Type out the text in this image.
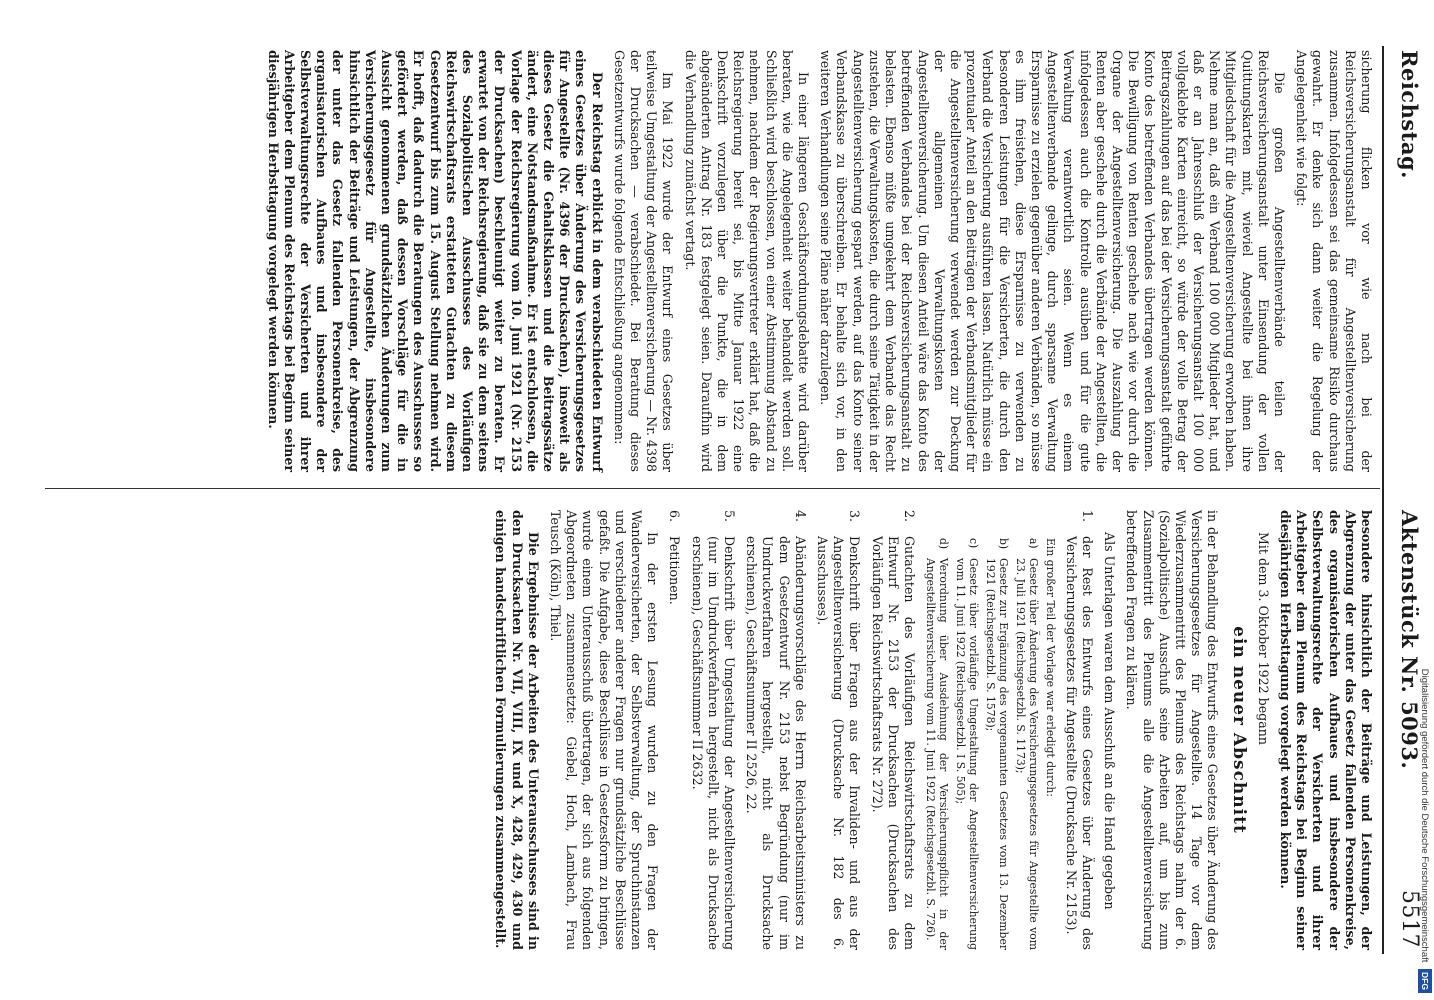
Reichstag.
Aktenstück Nr. 5093.
5517

sicherung flicken vor wie nach bei der Reichsversicherungsanstalt für Angestelltenversicherung zusammen. Infolgedessen sei das gemeinsame Risiko durchaus gewahrt. Er denke sich dann weiter die Regelung der Angelegenheit wie folgt:

Die großen Angestelltenverbände teilen der Reichsversicherungsanstalt unter Einsendung der vollen Quittungskarten mit, wieviel Angestellte bei ihnen ihre Mitgliedschaft für die Angestelltenversicherung erworben haben. Nehme man an, daß ein Verband 100 000 Mitglieder hat, und daß er an Jahresschluß der Versicherungsanstalt 100 000 vollgeklebte Karten einreicht, so würde der volle Betrag der Beitragszahlungen auf das bei der Versicherungsanstalt geführte Konto des betreffenden Verbandes übertragen werden können. Die Bewilligung von Renten geschehe nach wie vor durch die Organe der Angestelltenversicherung. Die Auszahlung der Renten aber geschehe durch die Verbände der Angestellten, die infolgedessen auch die Kontrolle ausüben und für die gute Verwaltung verantwortlich seien. Wenn es einem Angestelltenverbande gelinge, durch sparsame Verwaltung Ersparnisse zu erzielen gegenüber anderen Verbänden, so müsse es ihm freistehen, diese Ersparnisse zu verwenden zu besonderen Leistungen für die Versicherten, die durch den Verband die Versicherung ausführen lassen. Natürlich müsse ein prozentualer Anteil an den Beiträgen der Verbandsmitglieder für die Angestelltenversicherung verwendet werden zur Deckung der allgemeinen Verwaltungskosten der Angestelltenversicherung. Um diesen Anteil wäre das Konto des betreffenden Verbandes bei der Reichsversicherungsanstalt zu belasten. Ebenso müßte umgekehrt dem Verbande das Recht zustehen, die Verwaltungskosten, die durch seine Tätigkeit in der Angestelltenversicherung gespart werden, auf das Konto seiner Verbandskasse zu überschreiben. Er behalte sich vor, in den weiteren Verhandlungen seine Pläne näher darzulegen.

In einer längeren Geschäftsordnungsdebatte wird darüber beraten, wie die Angelegenheit weiter behandelt werden soll. Schließlich wird beschlossen, von einer Abstimmung Abstand zu nehmen, nachdem der Regierungsvertreter erklärt hat, daß die Reichsregierung bereit sei, bis Mitte Januar 1922 eine Denkschrift vorzulegen über die Punkte, die in dem abgeänderten Antrag Nr. 183 festgelegt seien. Daraufhin wird die Verhandlung zunächst vertagt.

Im Mai 1922 wurde der Entwurf eines Gesetzes über teilweise Umgestaltung der Angestelltenversicherung — Nr. 4398 der Drucksachen — verabschiedet. Bei Beratung dieses Gesetzentwurfs wurde folgende Entschließung angenommen:

Der Reichstag erblickt in dem verabschiedeten Entwurf eines Gesetzes über Änderung des Versicherungsgesetzes für Angestellte (Nr. 4396 der Drucksachen), insoweit als dieses Gesetz die Gehaltsklassen und die Beitragssätze ändert, eine Notstandsmaßnahme. Er ist entschlossen, die Vorlage der Reichsregierung vom 10. Juni 1921 (Nr. 2153 der Drucksachen) beschleunigt weiter zu beraten. Er erwartet von der Reichsregierung, daß sie zu dem seitens des Sozialpolitischen Ausschusses des Vorläufigen Reichswirtschaftsrats erstatteten Gutachten zu diesem Gesetzentwurf bis zum 15. August Stellung nehmen wird. Er hofft, daß dadurch die Beratungen des Ausschusses so gefördert werden, daß dessen Vorschläge für die in Aussicht genommenen grundsätzlichen Änderungen zum Versicherungsgesetz für Angestellte, insbesondere hinsichtlich der Beiträge und Leistungen, der Abgrenzung der unter das Gesetz fallenden Personenkreise, des organisatorischen Aufbaues und insbesondere der Selbstverwaltungsrechte der Versicherten und ihrer Arbeitgeber dem Plenum des Reichstags bei Beginn seiner diesjährigen Herbsttagung vorgelegt werden können.

besondere hinsichtlich der Beiträge und Leistungen, der Abgrenzung der unter das Gesetz fallenden Personenkreise, des organisatorischen Aufbaues und insbesondere der Selbstverwaltungsrechte der Versicherten und ihrer Arbeitgeber dem Plenum des Reichstags bei Beginn seiner diesjährigen Herbsttagung vorgelegt werden können.

Mit dem 3. Oktober 1922 begann

ein neuer Abschnitt

in der Behandlung des Entwurfs eines Gesetzes über Änderung des Versicherungsgesetzes für Angestellte. 14 Tage vor dem Wiederzusammentritt des Plenums des Reichstags nahm der 6. (Sozialpolitische) Ausschuß seine Arbeiten auf, um bis zum Zusammentritt des Plenums alle die Angestelltenversicherung betreffenden Fragen zu klären.

Als Unterlagen waren dem Ausschuß an die Hand gegeben

1.
der Rest des Entwurfs eines Gesetzes über Änderung des Versicherungsgesetzes für Angestellte (Drucksache Nr. 2153).
Ein großer Teil der Vorlage war erledigt durch:
a)
Gesetz über Änderung des Versicherungsgesetzes für Angestellte vom 23. Juli 1921 (Reichsgesetzbl. S. 1173);
b)
Gesetz zur Ergänzung des vorgenannten Gesetzes vom 13. Dezember 1921 (Reichsgesetzbl. S. 1578);
c)
Gesetz über vorläufige Umgestaltung der Angestelltenversicherung vom 11. Juni 1922 (Reichsgesetzbl. I S. 505);
d)
Verordnung über Ausdehnung der Versicherungspflicht in der Angestelltenversicherung vom 11. Juni 1922 (Reichsgesetzbl. S. 726).
2.
Gutachten des Vorläufigen Reichswirtschaftsrats zu dem Entwurf Nr. 2153 der Drucksachen (Drucksachen des Vorläufigen Reichswirtschaftsrats Nr. 272).
3.
Denkschrift über Fragen aus der Invaliden- und aus der Angestelltenversicherung (Drucksache Nr. 182 des 6. Ausschusses).
4.
Abänderungsvorschläge des Herrn Reichsarbeitsministers zu dem Gesetzentwurf Nr. 2153 nebst Begründung (nur im Umdruckverfahren hergestellt, nicht als Drucksache erschienen), Geschäftsnummer II 2526, 22.
5.
Denkschrift über Umgestaltung der Angestelltenversicherung (nur im Umdruckverfahren hergestellt, nicht als Drucksache erschienen), Geschäftsnummer II 2632.
6.
Petitionen.

In der ersten Lesung wurden zu den Fragen der Wanderversicherten, der Selbstverwaltung, der Spruchinstanzen und verschiedener anderer Fragen nur grundsätzliche Beschlüsse gefaßt. Die Aufgabe, diese Beschlüsse in Gesetzesform zu bringen, wurde einem Unterausschuß übertragen, der sich aus folgenden Abgeordneten zusammensetzte: Giebel, Hoch, Lambach, Frau Teusch (Köln), Thiel.

Die Ergebnisse der Arbeiten des Unterausschusses sind in den Drucksachen Nr. VII, VIII, IX und X, 428, 429, 430 und einigen handschriftlichen Formulierungen zusammengestellt.	Digitalisierung gefördert durch die Deutsche Forschungsgemeinschaft DFG
